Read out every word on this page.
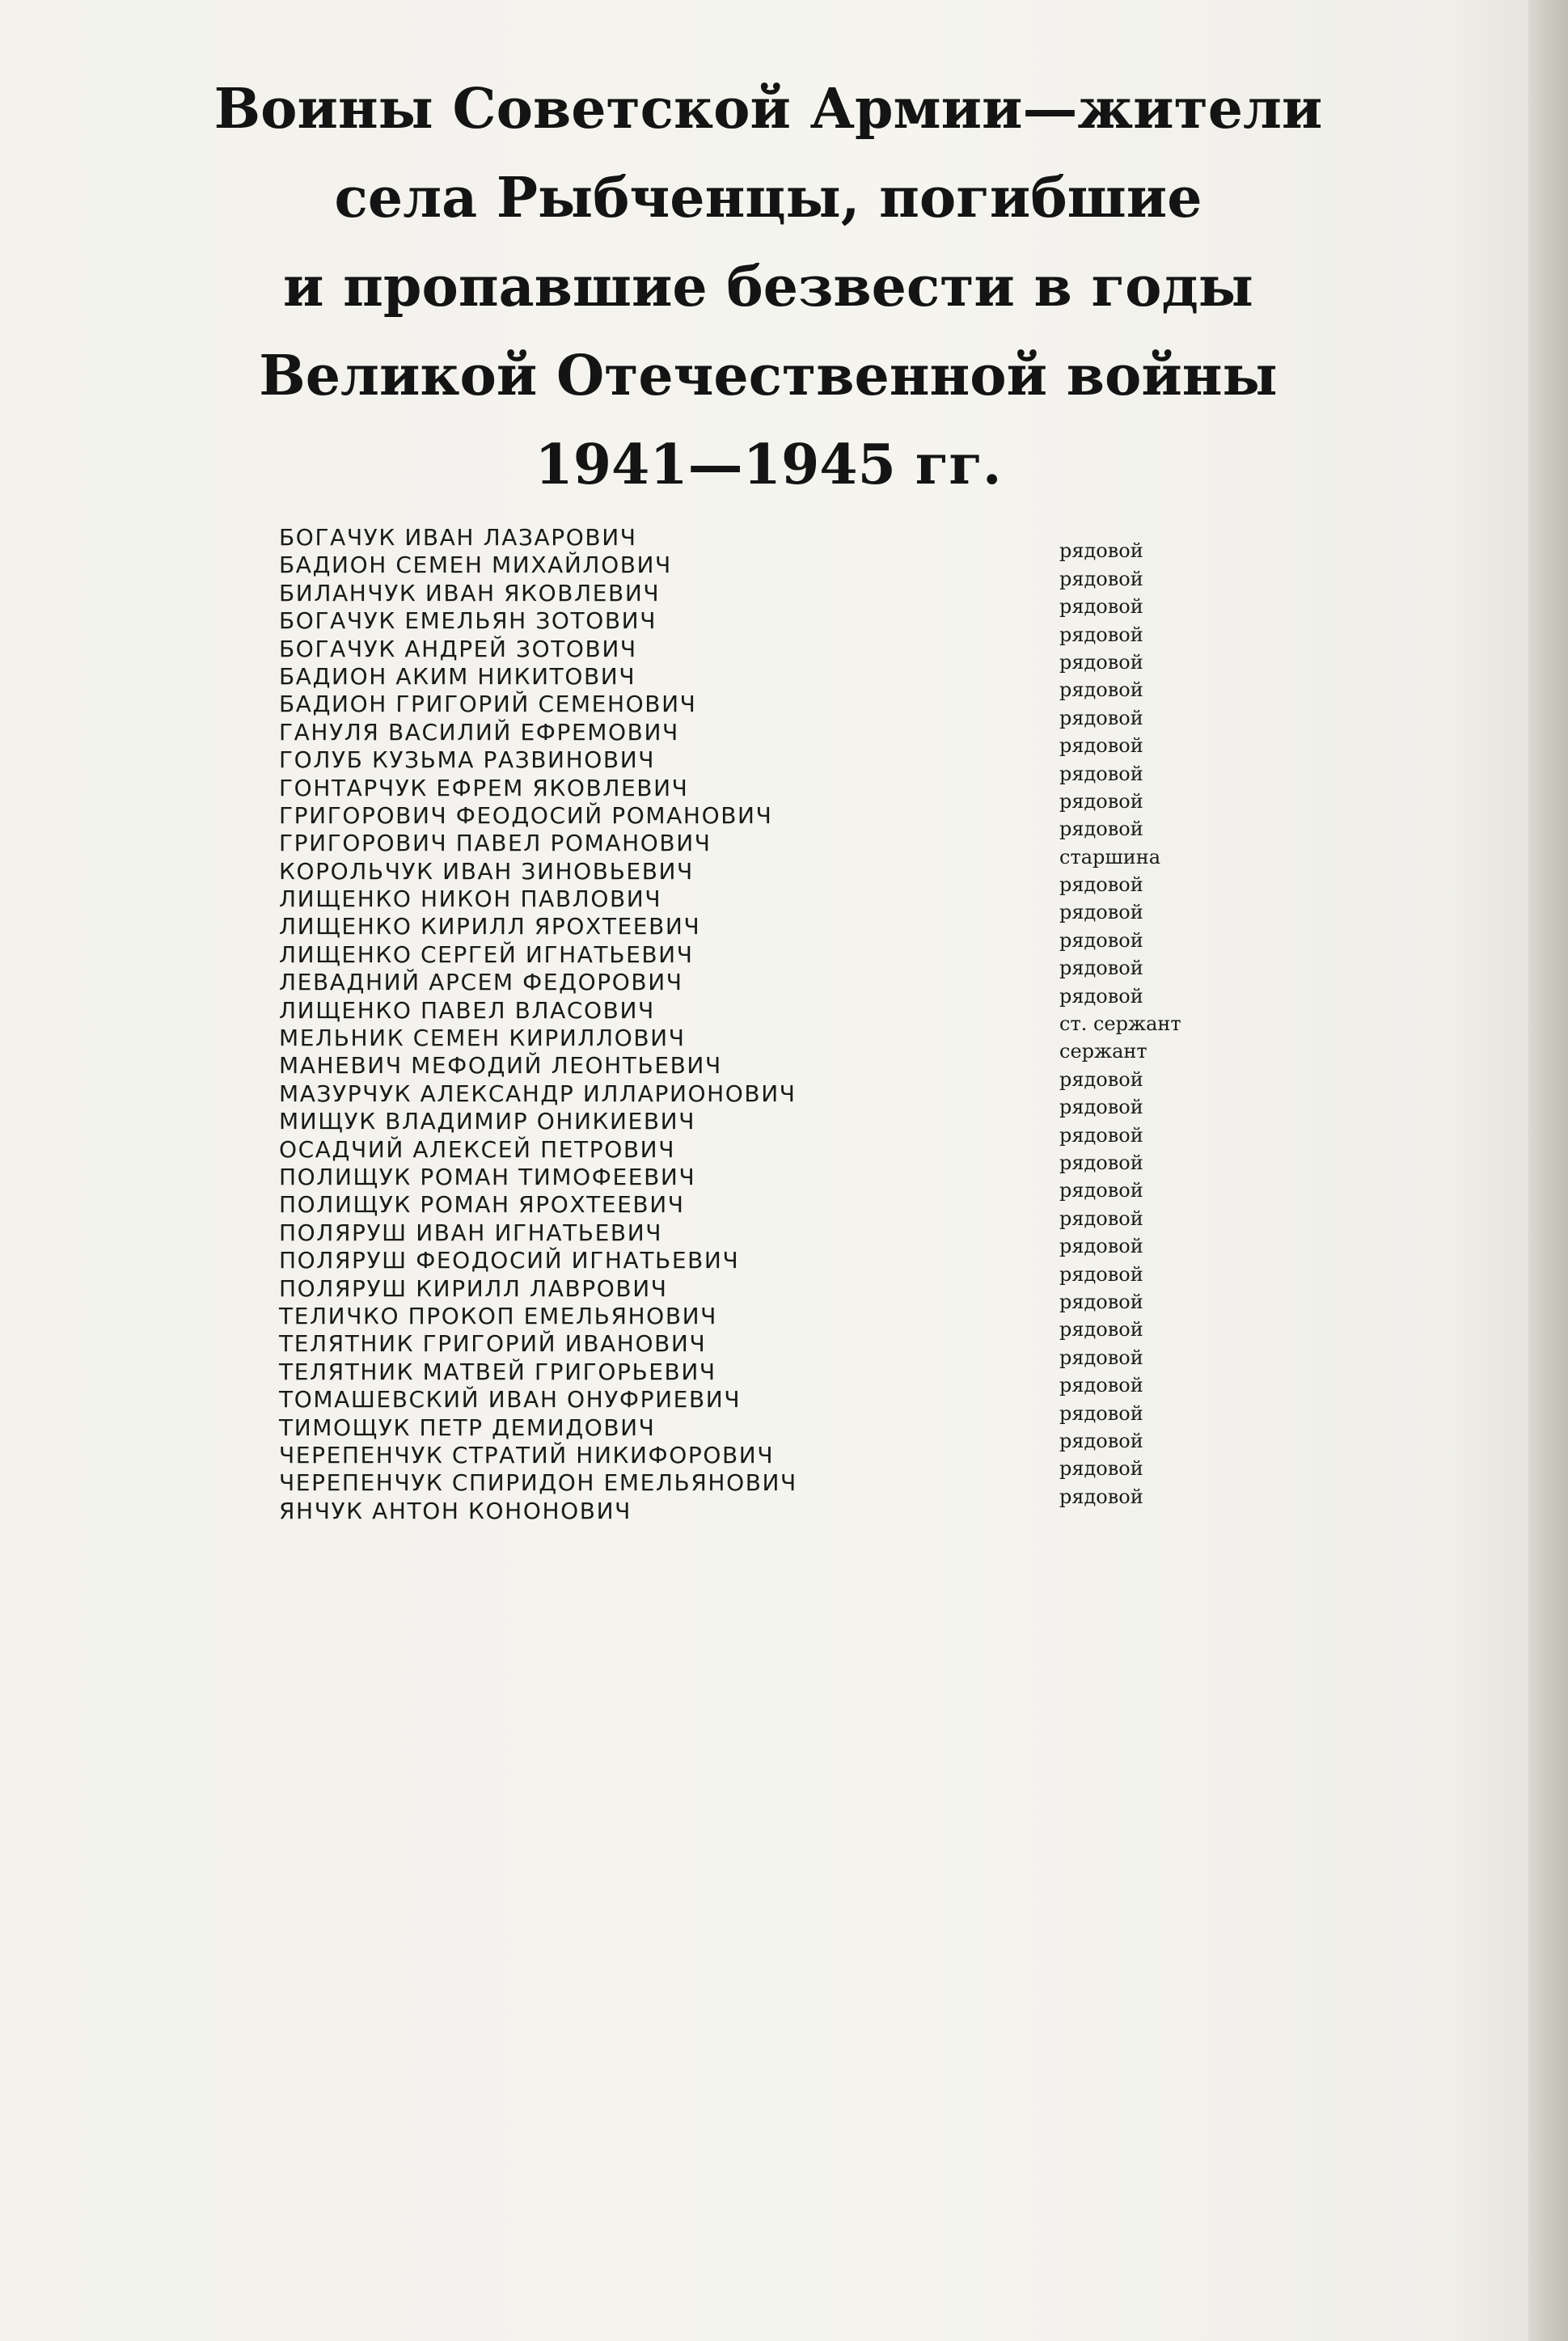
Воины Советской Армии—жители
села Рыбченцы, погибшие
и пропавшие безвести в годы
Великой Отечественной войны
1941—1945 гг.
БОГАЧУК ИВАН ЛАЗАРОВИЧ
БАДИОН СЕМЕН МИХАЙЛОВИЧ
рядовой
БИЛАНЧУК ИВАН ЯКОВЛЕВИЧ
рядовой
БОГАЧУК ЕМЕЛЬЯН ЗОТОВИЧ
рядовой
БОГАЧУК АНДРЕЙ ЗОТОВИЧ
рядовой
БАДИОН АКИМ НИКИТОВИЧ
рядовой
БАДИОН ГРИГОРИЙ СЕМЕНОВИЧ
рядовой
ГАНУЛЯ ВАСИЛИЙ ЕФРЕМОВИЧ
рядовой
ГОЛУБ КУЗЬМА РАЗВИНОВИЧ
рядовой
ГОНТАРЧУК ЕФРЕМ ЯКОВЛЕВИЧ
рядовой
ГРИГОРОВИЧ ФЕОДОСИЙ РОМАНОВИЧ
рядовой
ГРИГОРОВИЧ ПАВЕЛ РОМАНОВИЧ
рядовой
КОРОЛЬЧУК ИВАН ЗИНОВЬЕВИЧ
старшина
ЛИЩЕНКО НИКОН ПАВЛОВИЧ
рядовой
ЛИЩЕНКО КИРИЛЛ ЯРОХТЕЕВИЧ
рядовой
ЛИЩЕНКО СЕРГЕЙ ИГНАТЬЕВИЧ
рядовой
ЛЕВАДНИЙ АРСЕМ ФЕДОРОВИЧ
рядовой
ЛИЩЕНКО ПАВЕЛ ВЛАСОВИЧ
рядовой
МЕЛЬНИК СЕМЕН КИРИЛЛОВИЧ
ст. сержант
МАНЕВИЧ МЕФОДИЙ ЛЕОНТЬЕВИЧ
сержант
МАЗУРЧУК АЛЕКСАНДР ИЛЛАРИОНОВИЧ
рядовой
МИЩУК ВЛАДИМИР ОНИКИЕВИЧ
рядовой
ОСАДЧИЙ АЛЕКСЕЙ ПЕТРОВИЧ
рядовой
ПОЛИЩУК РОМАН ТИМОФЕЕВИЧ
рядовой
ПОЛИЩУК РОМАН ЯРОХТЕЕВИЧ
рядовой
ПОЛЯРУШ ИВАН ИГНАТЬЕВИЧ
рядовой
ПОЛЯРУШ ФЕОДОСИЙ ИГНАТЬЕВИЧ
рядовой
ПОЛЯРУШ КИРИЛЛ ЛАВРОВИЧ
рядовой
ТЕЛИЧКО ПРОКОП ЕМЕЛЬЯНОВИЧ
рядовой
ТЕЛЯТНИК ГРИГОРИЙ ИВАНОВИЧ
рядовой
ТЕЛЯТНИК МАТВЕЙ ГРИГОРЬЕВИЧ
рядовой
ТОМАШЕВСКИЙ ИВАН ОНУФРИЕВИЧ
рядовой
ТИМОЩУК ПЕТР ДЕМИДОВИЧ
рядовой
ЧЕРЕПЕНЧУК СТРАТИЙ НИКИФОРОВИЧ
рядовой
ЧЕРЕПЕНЧУК СПИРИДОН ЕМЕЛЬЯНОВИЧ
рядовой
ЯНЧУК АНТОН КОНОНОВИЧ
рядовой
